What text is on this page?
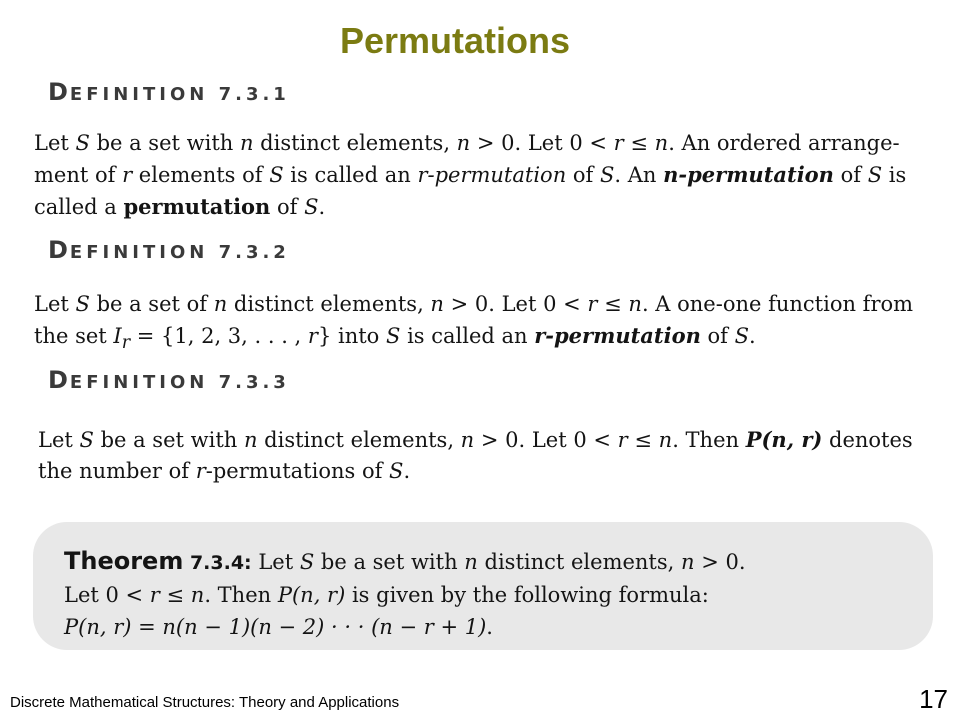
Permutations
DEFINITION 7.3.1
Let S be a set with n distinct elements, n > 0. Let 0 < r ≤ n. An ordered arrange-ment of r elements of S is called an r-permutation of S. An n-permutation of S is called a permutation of S.
DEFINITION 7.3.2
Let S be a set of n distinct elements, n > 0. Let 0 < r ≤ n. A one-one function from the set $I_r = \{1$, 2, 3, . . . , r} into S is called an r-permutation of S.
DEFINITION 7.3.3
Let S be a set with n distinct elements, n > 0. Let 0 < r ≤ n. Then P(n, r) denotes the number of r-permutations of S.
Theorem 7.3.4: Let S be a set with n distinct elements, n > 0.
Let 0 < r ≤ n. Then P(n, r) is given by the following formula:
P(n, r) = n(n − 1)(n − 2) · · · (n − r + 1).
Discrete Mathematical Structures: Theory and Applications	17
